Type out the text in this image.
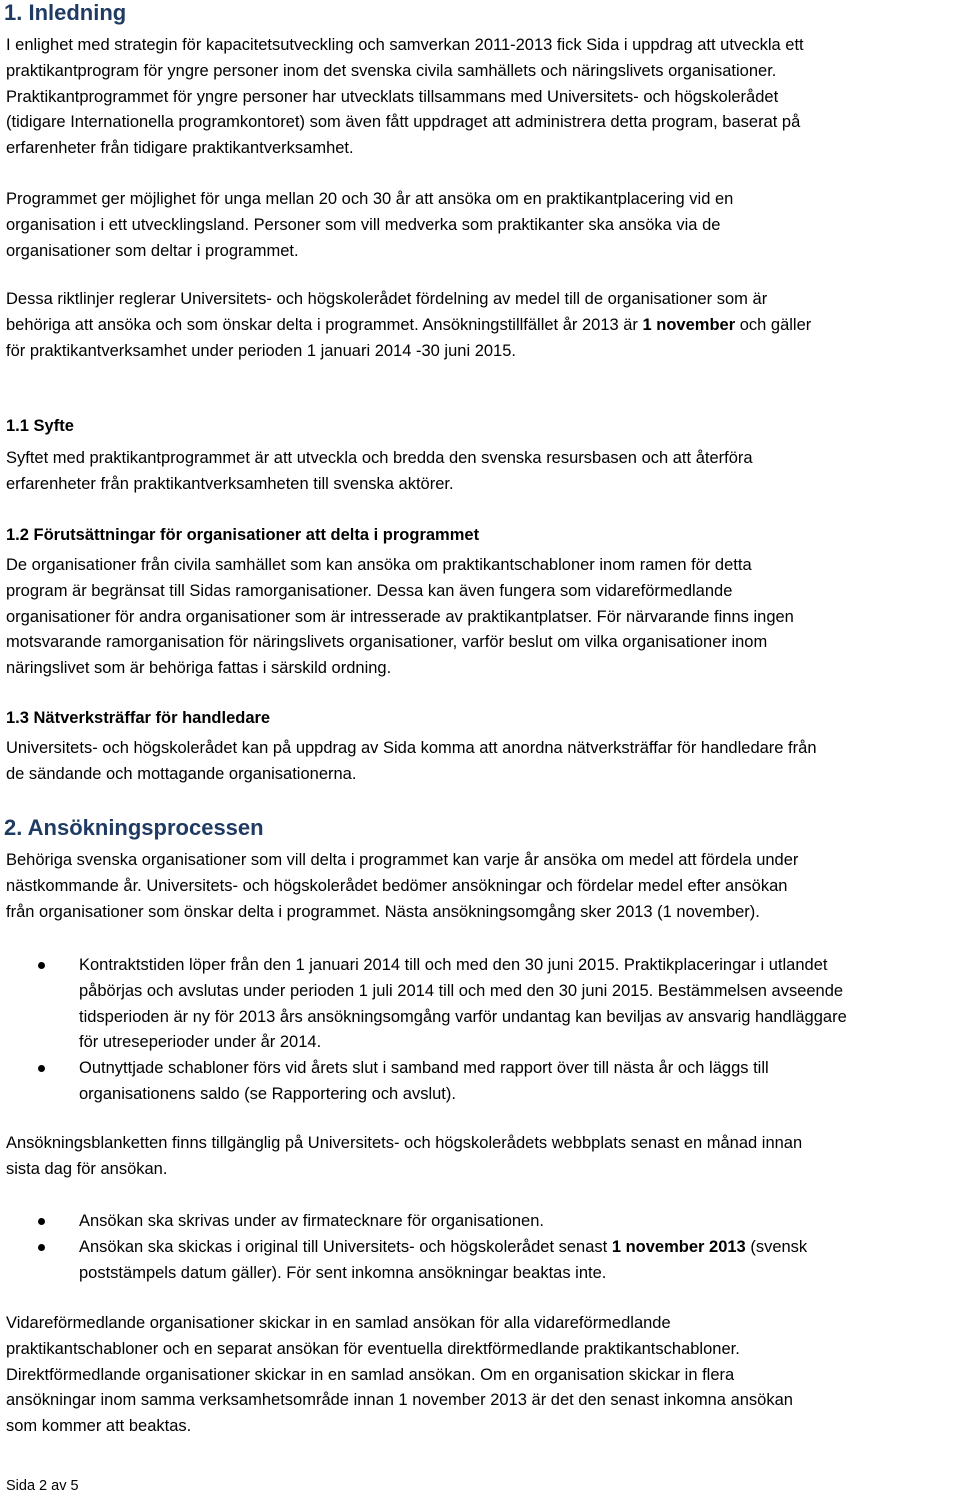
1. Inledning
I enlighet med strategin för kapacitetsutveckling och samverkan 2011-2013 fick Sida i uppdrag att utveckla ett
praktikantprogram för yngre personer inom det svenska civila samhällets och näringslivets organisationer.
Praktikantprogrammet för yngre personer har utvecklats tillsammans med Universitets- och högskolerådet
(tidigare Internationella programkontoret) som även fått uppdraget att administrera detta program, baserat på
erfarenheter från tidigare praktikantverksamhet.
Programmet ger möjlighet för unga mellan 20 och 30 år att ansöka om en praktikantplacering vid en
organisation i ett utvecklingsland. Personer som vill medverka som praktikanter ska ansöka via de
organisationer som deltar i programmet.
Dessa riktlinjer reglerar Universitets- och högskolerådet fördelning av medel till de organisationer som är
behöriga att ansöka och som önskar delta i programmet. Ansökningstillfället år 2013 är 1 november och gäller
för praktikantverksamhet under perioden 1 januari 2014 -30 juni 2015.
1.1 Syfte
Syftet med praktikantprogrammet är att utveckla och bredda den svenska resursbasen och att återföra
erfarenheter från praktikantverksamheten till svenska aktörer.
1.2 Förutsättningar för organisationer att delta i programmet
De organisationer från civila samhället som kan ansöka om praktikantschabloner inom ramen för detta
program är begränsat till Sidas ramorganisationer. Dessa kan även fungera som vidareförmedlande
organisationer för andra organisationer som är intresserade av praktikantplatser. För närvarande finns ingen
motsvarande ramorganisation för näringslivets organisationer, varför beslut om vilka organisationer inom
näringslivet som är behöriga fattas i särskild ordning.
1.3 Nätverksträffar för handledare
Universitets- och högskolerådet kan på uppdrag av Sida komma att anordna nätverksträffar för handledare från
de sändande och mottagande organisationerna.
2. Ansökningsprocessen
Behöriga svenska organisationer som vill delta i programmet kan varje år ansöka om medel att fördela under
nästkommande år. Universitets- och högskolerådet bedömer ansökningar och fördelar medel efter ansökan
från organisationer som önskar delta i programmet. Nästa ansökningsomgång sker 2013 (1 november).
Kontraktstiden löper från den 1 januari 2014 till och med den 30 juni 2015. Praktikplaceringar i utlandet
påbörjas och avslutas under perioden 1 juli 2014 till och med den 30 juni 2015. Bestämmelsen avseende
tidsperioden är ny för 2013 års ansökningsomgång varför undantag kan beviljas av ansvarig handläggare
för utreseperioder under år 2014.
Outnyttjade schabloner förs vid årets slut i samband med rapport över till nästa år och läggs till
organisationens saldo (se Rapportering och avslut).
Ansökningsblanketten finns tillgänglig på Universitets- och högskolerådets webbplats senast en månad innan
sista dag för ansökan.
Ansökan ska skrivas under av firmatecknare för organisationen.
Ansökan ska skickas i original till Universitets- och högskolerådet senast 1 november 2013 (svensk
poststämpels datum gäller). För sent inkomna ansökningar beaktas inte.
Vidareförmedlande organisationer skickar in en samlad ansökan för alla vidareförmedlande
praktikantschabloner och en separat ansökan för eventuella direktförmedlande praktikantschabloner.
Direktförmedlande organisationer skickar in en samlad ansökan. Om en organisation skickar in flera
ansökningar inom samma verksamhetsområde innan 1 november 2013 är det den senast inkomna ansökan
som kommer att beaktas.
Sida 2 av 5
